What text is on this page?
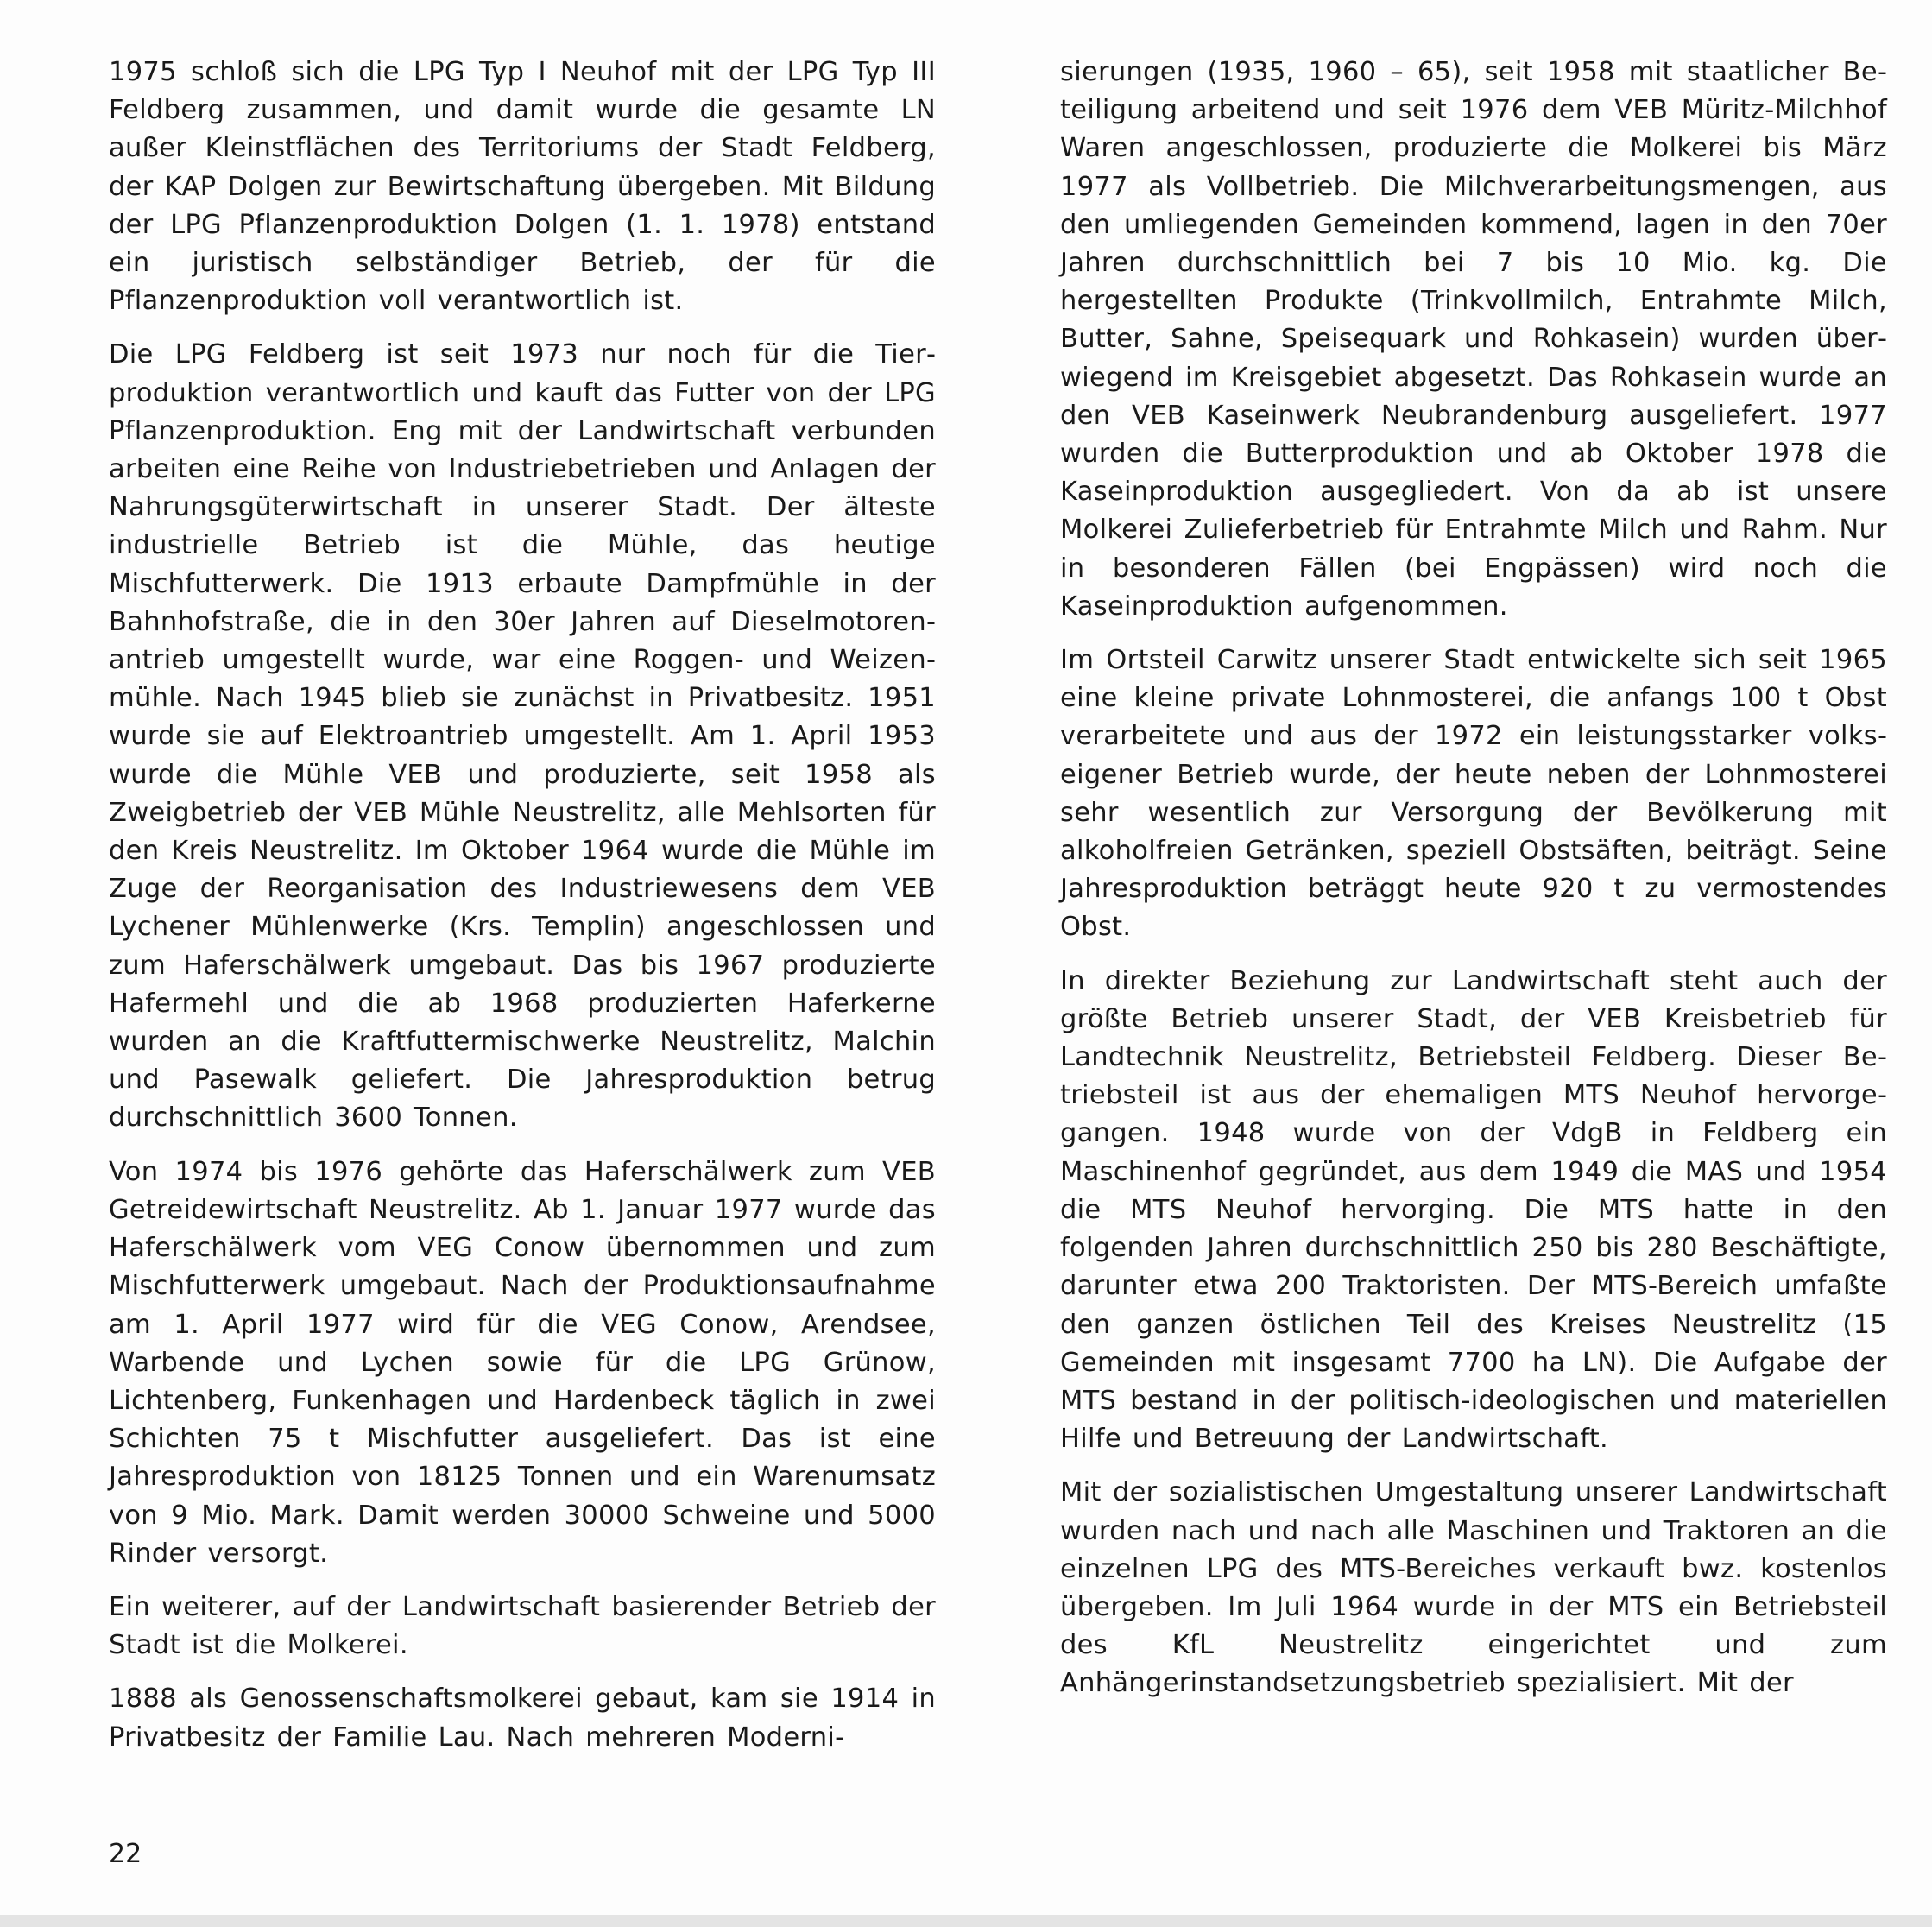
1975 schloß sich die LPG Typ I Neuhof mit der LPG Typ III Feldberg zusammen, und damit wurde die gesamte LN außer Kleinstflächen des Territoriums der Stadt Feldberg, der KAP Dolgen zur Bewirtschaftung übergeben. Mit Bildung der LPG Pflanzenproduktion Dolgen (1. 1. 1978) entstand ein juristisch selbständiger Betrieb, der für die Pflanzenproduktion voll verantwortlich ist.

Die LPG Feldberg ist seit 1973 nur noch für die Tierproduktion verantwortlich und kauft das Futter von der LPG Pflanzenproduktion. Eng mit der Landwirtschaft verbunden arbeiten eine Reihe von Industriebetrieben und Anlagen der Nahrungsgüterwirtschaft in unserer Stadt. Der älteste industrielle Betrieb ist die Mühle, das heutige Mischfutterwerk. Die 1913 erbaute Dampfmühle in der Bahnhofstraße, die in den 30er Jahren auf Dieselmotorenantrieb umgestellt wurde, war eine Roggen- und Weizenmühle. Nach 1945 blieb sie zunächst in Privatbesitz. 1951 wurde sie auf Elektroantrieb umgestellt. Am 1. April 1953 wurde die Mühle VEB und produzierte, seit 1958 als Zweigbetrieb der VEB Mühle Neustrelitz, alle Mehlsorten für den Kreis Neustrelitz. Im Oktober 1964 wurde die Mühle im Zuge der Reorganisation des Industriewesens dem VEB Lychener Mühlenwerke (Krs. Templin) angeschlossen und zum Haferschälwerk umgebaut. Das bis 1967 produzierte Hafermehl und die ab 1968 produzierten Haferkerne wurden an die Kraftfuttermischwerke Neustrelitz, Malchin und Pasewalk geliefert. Die Jahresproduktion betrug durchschnittlich 3600 Tonnen.

Von 1974 bis 1976 gehörte das Haferschälwerk zum VEB Getreidewirtschaft Neustrelitz. Ab 1. Januar 1977 wurde das Haferschälwerk vom VEG Conow übernommen und zum Mischfutterwerk umgebaut. Nach der Produktionsaufnahme am 1. April 1977 wird für die VEG Conow, Arendsee, Warbende und Lychen sowie für die LPG Grünow, Lichtenberg, Funkenhagen und Hardenbeck täglich in zwei Schichten 75 t Mischfutter ausgeliefert. Das ist eine Jahresproduktion von 18125 Tonnen und ein Warenumsatz von 9 Mio. Mark. Damit werden 30000 Schweine und 5000 Rinder versorgt.

Ein weiterer, auf der Landwirtschaft basierender Betrieb der Stadt ist die Molkerei.

1888 als Genossenschaftsmolkerei gebaut, kam sie 1914 in Privatbesitz der Familie Lau. Nach mehreren Moderni-

sierungen (1935, 1960 – 65), seit 1958 mit staatlicher Beteiligung arbeitend und seit 1976 dem VEB Müritz-Milchhof Waren angeschlossen, produzierte die Molkerei bis März 1977 als Vollbetrieb. Die Milchverarbeitungsmengen, aus den umliegenden Gemeinden kommend, lagen in den 70er Jahren durchschnittlich bei 7 bis 10 Mio. kg. Die hergestellten Produkte (Trinkvollmilch, Entrahmte Milch, Butter, Sahne, Speisequark und Rohkasein) wurden überwiegend im Kreisgebiet abgesetzt. Das Rohkasein wurde an den VEB Kaseinwerk Neubrandenburg ausgeliefert. 1977 wurden die Butterproduktion und ab Oktober 1978 die Kaseinproduktion ausgegliedert. Von da ab ist unsere Molkerei Zulieferbetrieb für Entrahmte Milch und Rahm. Nur in besonderen Fällen (bei Engpässen) wird noch die Kaseinproduktion aufgenommen.

Im Ortsteil Carwitz unserer Stadt entwickelte sich seit 1965 eine kleine private Lohnmosterei, die anfangs 100 t Obst verarbeitete und aus der 1972 ein leistungsstarker volkseigener Betrieb wurde, der heute neben der Lohnmosterei sehr wesentlich zur Versorgung der Bevölkerung mit alkoholfreien Getränken, speziell Obstsäften, beiträgt. Seine Jahresproduktion beträggt heute 920 t zu vermostendes Obst.

In direkter Beziehung zur Landwirtschaft steht auch der größte Betrieb unserer Stadt, der VEB Kreisbetrieb für Landtechnik Neustrelitz, Betriebsteil Feldberg. Dieser Betriebsteil ist aus der ehemaligen MTS Neuhof hervorgegangen. 1948 wurde von der VdgB in Feldberg ein Maschinenhof gegründet, aus dem 1949 die MAS und 1954 die MTS Neuhof hervorging. Die MTS hatte in den folgenden Jahren durchschnittlich 250 bis 280 Beschäftigte, darunter etwa 200 Traktoristen. Der MTS-Bereich umfaßte den ganzen östlichen Teil des Kreises Neustrelitz (15 Gemeinden mit insgesamt 7700 ha LN). Die Aufgabe der MTS bestand in der politisch-ideologischen und materiellen Hilfe und Betreuung der Landwirtschaft.

Mit der sozialistischen Umgestaltung unserer Landwirtschaft wurden nach und nach alle Maschinen und Traktoren an die einzelnen LPG des MTS-Bereiches verkauft bwz. kostenlos übergeben. Im Juli 1964 wurde in der MTS ein Betriebsteil des KfL Neustrelitz eingerichtet und zum Anhängerinstandsetzungsbetrieb spezialisiert. Mit der

22
